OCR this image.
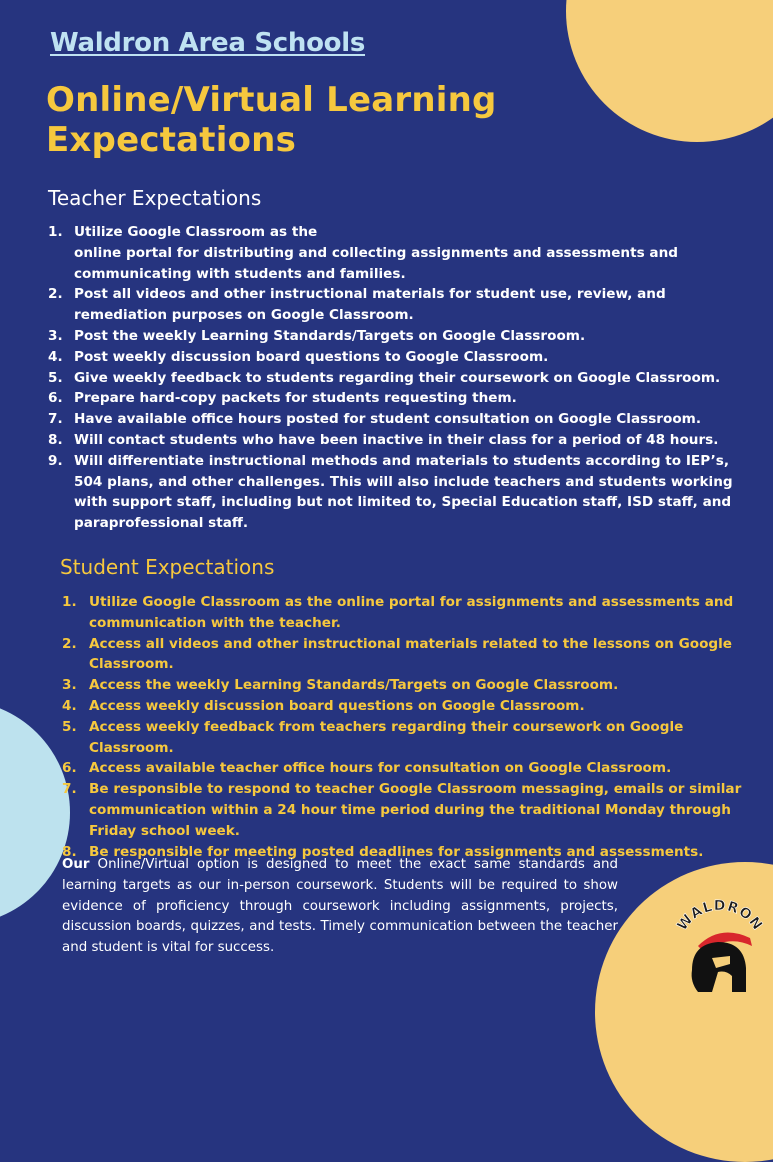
Waldron Area Schools
Online/Virtual Learning Expectations
Teacher Expectations
1. Utilize Google Classroom as the
online portal for distributing and collecting assignments and assessments and communicating with students and families.
2. Post all videos and other instructional materials for student use, review, and remediation purposes on Google Classroom.
3. Post the weekly Learning Standards/Targets on Google Classroom.
4. Post weekly discussion board questions to Google Classroom.
5. Give weekly feedback to students regarding their coursework on Google Classroom.
6. Prepare hard-copy packets for students requesting them.
7. Have available office hours posted for student consultation on Google Classroom.
8. Will contact students who have been inactive in their class for a period of 48 hours.
9. Will differentiate instructional methods and materials to students according to IEP’s, 504 plans, and other challenges. This will also include teachers and students working with support staff, including but not limited to, Special Education staff, ISD staff, and paraprofessional staff.
Student Expectations
1. Utilize Google Classroom as the online portal for assignments and assessments and communication with the teacher.
2. Access all videos and other instructional materials related to the lessons on Google Classroom.
3. Access the weekly Learning Standards/Targets on Google Classroom.
4. Access weekly discussion board questions on Google Classroom.
5. Access weekly feedback from teachers regarding their coursework on Google Classroom.
6. Access available teacher office hours for consultation on Google Classroom.
7. Be responsible to respond to teacher Google Classroom messaging, emails or similar communication within a 24 hour time period during the traditional Monday through Friday school week.
8. Be responsible for meeting posted deadlines for assignments and assessments.
Our Online/Virtual option is designed to meet the exact same standards and learning targets as our in-person coursework. Students will be required to show evidence of proficiency through coursework including assignments, projects, discussion boards, quizzes, and tests. Timely communication between the teacher and student is vital for success.
WALDRON
